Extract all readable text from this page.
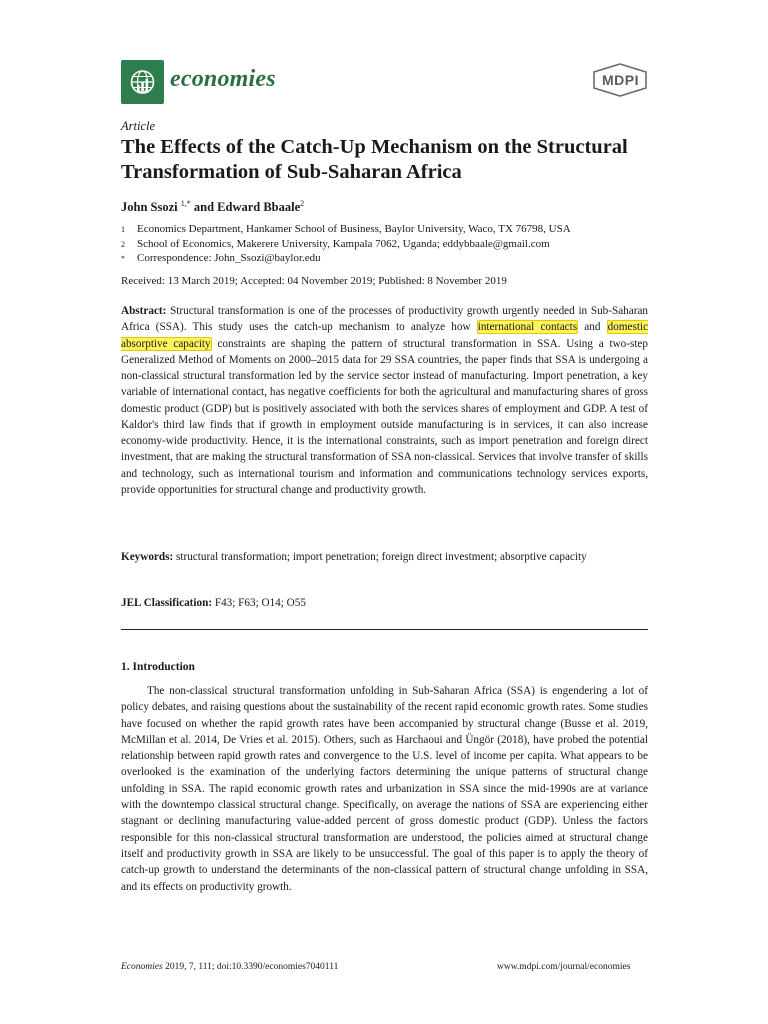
economies	MDPI
Article
The Effects of the Catch-Up Mechanism on the Structural Transformation of Sub-Saharan Africa
John Ssozi $^{1,*}$ and Edward Bbaale$^2$
1 Economics Department, Hankamer School of Business, Baylor University, Waco, TX 76798, USA
2 School of Economics, Makerere University, Kampala 7062, Uganda; eddybbaale@gmail.com
* Correspondence: John_Ssozi@baylor.edu
Received: 13 March 2019; Accepted: 04 November 2019; Published: 8 November 2019
Abstract: Structural transformation is one of the processes of productivity growth urgently needed in Sub-Saharan Africa (SSA). This study uses the catch-up mechanism to analyze how international contacts and domestic absorptive capacity constraints are shaping the pattern of structural transformation in SSA. Using a two-step Generalized Method of Moments on 2000–2015 data for 29 SSA countries, the paper finds that SSA is undergoing a non-classical structural transformation led by the service sector instead of manufacturing. Import penetration, a key variable of international contact, has negative coefficients for both the agricultural and manufacturing shares of gross domestic product (GDP) but is positively associated with both the services shares of employment and GDP. A test of Kaldor's third law finds that if growth in employment outside manufacturing is in services, it can also increase economy-wide productivity. Hence, it is the international constraints, such as import penetration and foreign direct investment, that are making the structural transformation of SSA non-classical. Services that involve transfer of skills and technology, such as international tourism and information and communications technology services exports, provide opportunities for structural change and productivity growth.
Keywords: structural transformation; import penetration; foreign direct investment; absorptive capacity
JEL Classification: F43; F63; O14; O55
1. Introduction
The non-classical structural transformation unfolding in Sub-Saharan Africa (SSA) is engendering a lot of policy debates, and raising questions about the sustainability of the recent rapid economic growth rates. Some studies have focused on whether the rapid growth rates have been accompanied by structural change (Busse et al. 2019, McMillan et al. 2014, De Vries et al. 2015). Others, such as Harchaoui and Üngör (2018), have probed the potential relationship between rapid growth rates and convergence to the U.S. level of income per capita. What appears to be overlooked is the examination of the underlying factors determining the unique patterns of structural change unfolding in SSA. The rapid economic growth rates and urbanization in SSA since the mid-1990s are at variance with the downtempo classical structural change. Specifically, on average the nations of SSA are experiencing either stagnant or declining manufacturing value-added percent of gross domestic product (GDP). Unless the factors responsible for this non-classical structural transformation are understood, the policies aimed at structural change itself and productivity growth in SSA are likely to be unsuccessful. The goal of this paper is to apply the theory of catch-up growth to understand the determinants of the non-classical pattern of structural change unfolding in SSA, and its effects on productivity growth.
Economies 2019, 7, 111; doi:10.3390/economies7040111	www.mdpi.com/journal/economies
